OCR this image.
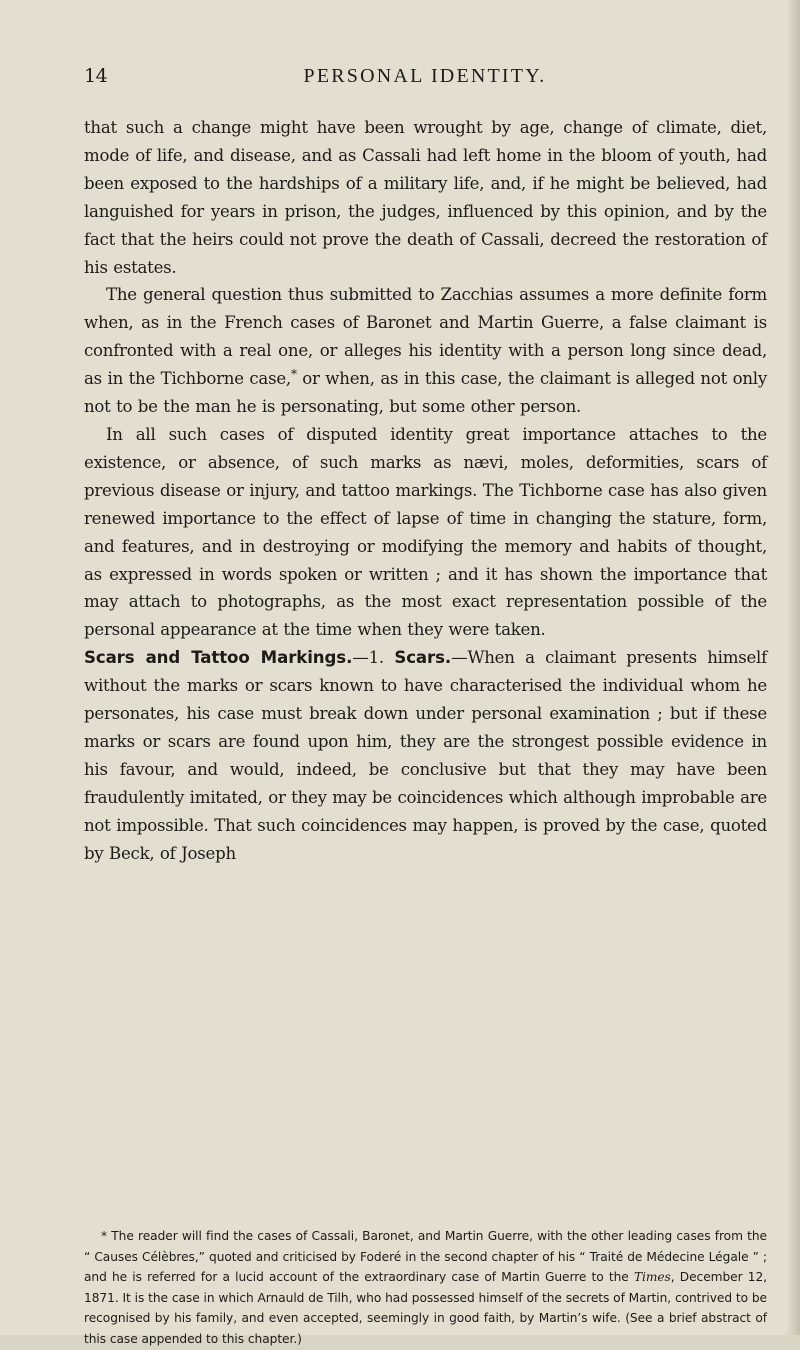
14	PERSONAL IDENTITY.

that such a change might have been wrought by age, change of climate, diet, mode of life, and disease, and as Cassali had left home in the bloom of youth, had been exposed to the hardships of a military life, and, if he might be believed, had languished for years in prison, the judges, influenced by this opinion, and by the fact that the heirs could not prove the death of Cassali, decreed the restoration of his estates.

The general question thus submitted to Zacchias assumes a more definite form when, as in the French cases of Baronet and Martin Guerre, a false claimant is confronted with a real one, or alleges his identity with a person long since dead, as in the Tichborne case,* or when, as in this case, the claimant is alleged not only not to be the man he is personating, but some other person.

In all such cases of disputed identity great importance attaches to the existence, or absence, of such marks as nævi, moles, deformities, scars of previous disease or injury, and tattoo markings. The Tichborne case has also given renewed importance to the effect of lapse of time in changing the stature, form, and features, and in destroying or modifying the memory and habits of thought, as expressed in words spoken or written ; and it has shown the importance that may attach to photographs, as the most exact representation possible of the personal appearance at the time when they were taken.

Scars and Tattoo Markings.—1. Scars.—When a claimant presents himself without the marks or scars known to have characterised the individual whom he personates, his case must break down under personal examination ; but if these marks or scars are found upon him, they are the strongest possible evidence in his favour, and would, indeed, be conclusive but that they may have been fraudulently imitated, or they may be coincidences which although improbable are not impossible. That such coincidences may happen, is proved by the case, quoted by Beck, of Joseph

* The reader will find the cases of Cassali, Baronet, and Martin Guerre, with the other leading cases from the “ Causes Célèbres,” quoted and criticised by Foderé in the second chapter of his “ Traité de Médecine Légale ” ; and he is referred for a lucid account of the extraordinary case of Martin Guerre to the Times, December 12, 1871. It is the case in which Arnauld de Tilh, who had possessed himself of the secrets of Martin, contrived to be recognised by his family, and even accepted, seemingly in good faith, by Martin’s wife. (See a brief abstract of this case appended to this chapter.)
